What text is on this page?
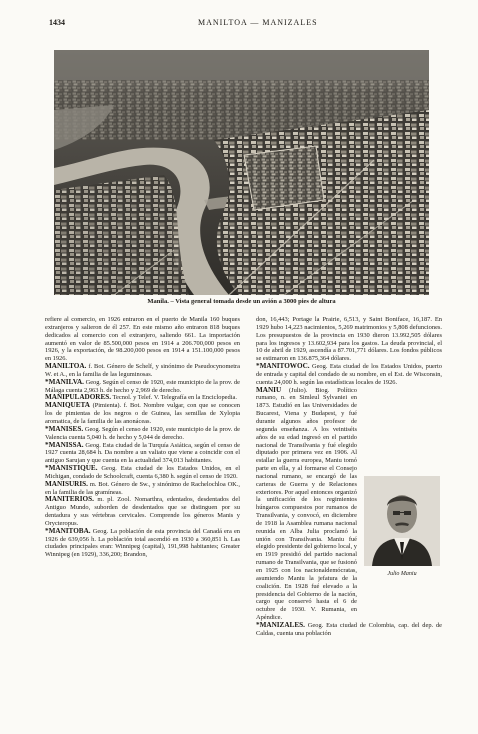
1434	MANILTOA — MANIZALES
Manila. – Vista general tomada desde un avión a 3000 pies de altura

refiere al comercio, en 1926 entraron en el puerto de Manila 160 buques extranjeros y salieron de él 257. En este mismo año entraron 818 buques dedicados al comercio con el extranjero, saliendo 661. La importación aumentó en valor de 85.500,000 pesos en 1914 a 206.700,000 pesos en 1926, y la exportación, de 98.200,000 pesos en 1914 a 151.100,000 pesos en 1926.

MANILTOA. f. Bot. Género de Schelf, y sinónimo de Pseudocynometra W. et A., en la familia de las leguminosas.

*MANILVA. Geog. Según el censo de 1920, este municipio de la prov. de Málaga cuenta 2,963 h. de hecho y 2,969 de derecho.

MANIPULADORES. Tecnol. y Telef. V. Telegrafía en la Enciclopedia.

MANIQUETA (Pimienta). f. Bot. Nombre vulgar, con que se conocen los de pimientas de los negros o de Guinea, las semillas de Xylopia aromatica, de la familia de las anonáceas.

*MANISES. Geog. Según el censo de 1920, este municipio de la prov. de Valencia cuenta 5,040 h. de hecho y 5,044 de derecho.

*MANISSA. Geog. Esta ciudad de la Turquía Asiática, según el censo de 1927 cuenta 28,684 h. Da nombre a un valiato que viene a coincidir con el antiguo Sarujan y que cuenta en la actualidad 374,013 habitantes.

*MANISTIQUE. Geog. Esta ciudad de los Estados Unidos, en el Michigan, condado de Schoolcraft, cuenta 6,380 h. según el censo de 1920.

MANISURIS. m. Bot. Género de Sw., y sinónimo de Rachelochloa OK., en la familia de las gramíneas.

MANITERIOS. m. pl. Zool. Nomarthra, edentados, desdentados del Antiguo Mundo, suborden de desdentados que se distinguen por su dentadura y sus vértebras cervicales. Comprende los géneros Manis y Orycteropus.

*MANITOBA. Geog. La población de esta provincia del Canadá era en 1926 de 639,056 h. La población total ascendió en 1930 a 360,851 h. Las ciudades principales eran: Winnipeg (capital), 191,998 habitantes; Greater Winnipeg (en 1929), 336,200; Brandon,

don, 16,443; Portage la Prairie, 6,513, y Saint Boniface, 16,187. En 1929 hubo 14,223 nacimientos, 5,269 matrimonios y 5,808 defunciones. Los presupuestos de la provincia en 1930 dieron 13.992,505 dólares para los ingresos y 13.602,934 para los gastos. La deuda provincial, el 10 de abril de 1929, ascendía a 87.701,771 dólares. Los fondos públicos se estimaron en 136.875,364 dólares.

*MANITOWOC. Geog. Esta ciudad de los Estados Unidos, puerto de entrada y capital del condado de su nombre, en el Est. de Wisconsin, cuenta 24,000 h. según las estadísticas locales de 1926.

MANIU (Julio). Biog. Político rumano, n. en Simleul Sylvaniei en 1873. Estudió en las Universidades de Bucarest, Viena y Budapest, y fué durante algunos años profesor de segunda enseñanza. A los veintiséis años de su edad ingresó en el partido nacional de Transilvania y fué elegido diputado por primera vez en 1906. Al estallar la guerra europea, Maniu tomó parte en ella, y al formarse el Consejo nacional rumano, se encargó de las carteras de Guerra y de Relaciones exteriores. Por aquel entonces organizó la unificación de los regimientos húngaros compuestos por rumanos de Transilvania, y convocó, en diciembre de 1918 la Asamblea rumana nacional reunida en Alba Julia proclamó la unión con Transilvania. Maniu fué elegido presidente del gobierno local, y en 1919 presidió del partido nacional rumano de Transilvania, que se fusionó en 1925 con los nacionaldemócratas, asumiendo Maniu la jefatura de la coalición. En 1928 fué elevado a la presidencia del Gobierno de la nación, cargo que conservó hasta el 6 de octubre de 1930. V. Rumania, en Apéndice.

*MANIZALES. Geog. Esta ciudad de Colombia, cap. del dep. de Caldas, cuenta una población

Julio Maniu
